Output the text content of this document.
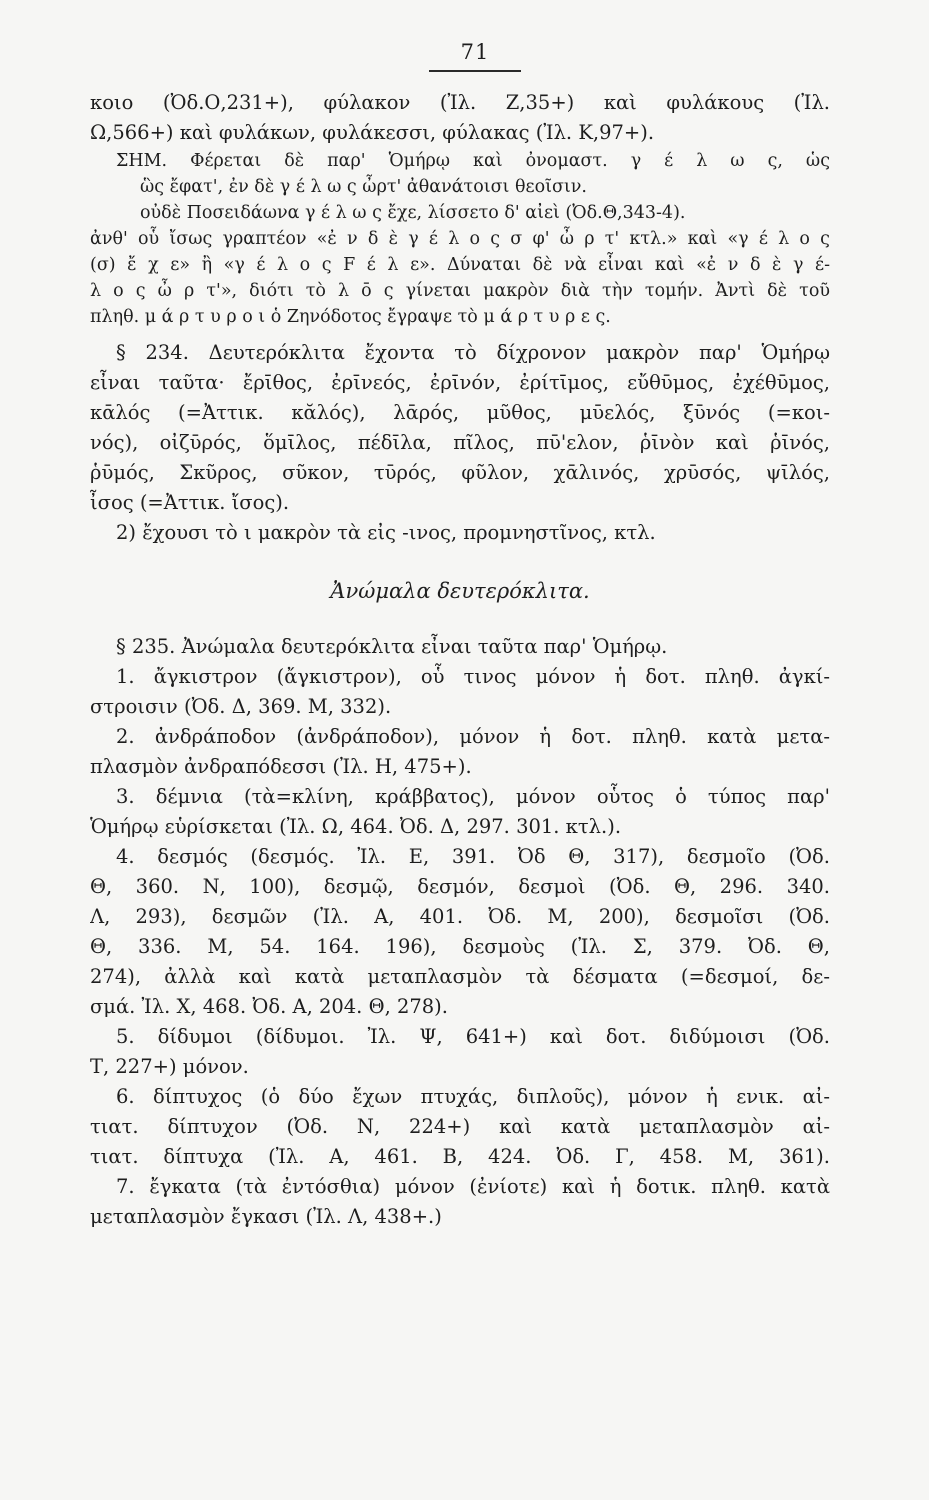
71
κοιο (Ὀδ.Ο,231+), φύλακον (Ἰλ. Ζ,35+) καὶ φυλάκους (Ἰλ.
Ω,566+) καὶ φυλάκων, φυλάκεσσι, φύλακας (Ἰλ. Κ,97+).
ΣΗΜ. Φέρεται δὲ παρ' Ὁμήρῳ καὶ ὀνομαστ. γ έ λ ω ς, ὡς
ὣς ἔφατ', ἐν δὲ γ έ λ ω ς ὦρτ' ἀθανάτοισι θεοῖσιν.
οὐδὲ Ποσειδάωνα γ έ λ ω ς ἔχε, λίσσετο δ' αἰεὶ (Ὀδ.Θ,343-4).
ἀνθ' οὗ ἴσως γραπτέον «ἐ ν δ ὲ γ έ λ ο ς σ φ' ὦ ρ τ' κτλ.» καὶ «γ έ λ ο ς
(σ) ἔ χ ε» ἢ «γ έ λ ο ς F έ λ ε». Δύναται δὲ νὰ εἶναι καὶ «ἐ ν δ ὲ γ έ-
λ ο ς ὦ ρ τ'», διότι τὸ λ ō ς γίνεται μακρὸν διὰ τὴν τομήν. Ἀντὶ δὲ τοῦ
πληθ. μ ά ρ τ υ ρ ο ι ὁ Ζηνόδοτος ἔγραψε τὸ μ ά ρ τ υ ρ ε ς.
§ 234. Δευτερόκλιτα ἔχοντα τὸ δίχρονον μακρὸν παρ' Ὁμήρῳ
εἶναι ταῦτα· ἔρῑθος, ἐρῑνεός, ἐρῑνόν, ἐρίτῑμος, εὔθῡμος, ἐχέθῡμος,
κᾱλός (=Ἀττικ. κᾰλός), λᾱρός, μῦθος, μῡελός, ξῡνός (=κοι-
νός), οἰζῡρός, ὅμῑλος, πέδῑλα, πῖλος, πῡ'ελον, ῥῑνὸν καὶ ῥῑνός,
ῥῡμός, Σκῦρος, σῦκον, τῡρός, φῦλον, χᾱλινός, χρῡσός, ψῑλός,
ἶσος (=Ἀττικ. ἴσος).
2) ἔχουσι τὸ ι μακρὸν τὰ εἰς -ινος, προμνηστῖνος, κτλ.
Ἀνώμαλα δευτερόκλιτα.
§ 235. Ἀνώμαλα δευτερόκλιτα εἶναι ταῦτα παρ' Ὁμήρῳ.
1. ἄγκιστρον (ἄγκιστρον), οὗ τινος μόνον ἡ δοτ. πληθ. ἀγκί-
στροισιν (Ὀδ. Δ, 369. Μ, 332).
2. ἀνδράποδον (ἀνδράποδον), μόνον ἡ δοτ. πληθ. κατὰ μετα-
πλασμὸν ἀνδραπόδεσσι (Ἰλ. Η, 475+).
3. δέμνια (τὰ=κλίνη, κράββατος), μόνον οὗτος ὁ τύπος παρ'
Ὁμήρῳ εὑρίσκεται (Ἰλ. Ω, 464. Ὀδ. Δ, 297. 301. κτλ.).
4. δεσμός (δεσμός. Ἰλ. Ε, 391. Ὀδ Θ, 317), δεσμοῖο (Ὀδ.
Θ, 360. Ν, 100), δεσμῷ, δεσμόν, δεσμοὶ (Ὀδ. Θ, 296. 340.
Λ, 293), δεσμῶν (Ἰλ. Α, 401. Ὀδ. Μ, 200), δεσμοῖσι (Ὀδ.
Θ, 336. Μ, 54. 164. 196), δεσμοὺς (Ἰλ. Σ, 379. Ὀδ. Θ,
274), ἀλλὰ καὶ κατὰ μεταπλασμὸν τὰ δέσματα (=δεσμοί, δε-
σμά. Ἰλ. Χ, 468. Ὀδ. Α, 204. Θ, 278).
5. δίδυμοι (δίδυμοι. Ἰλ. Ψ, 641+) καὶ δοτ. διδύμοισι (Ὀδ.
Τ, 227+) μόνον.
6. δίπτυχος (ὁ δύο ἔχων πτυχάς, διπλοῦς), μόνον ἡ ενικ. αἰ-
τιατ. δίπτυχον (Ὀδ. Ν, 224+) καὶ κατὰ μεταπλασμὸν αἰ-
τιατ. δίπτυχα (Ἰλ. Α, 461. Β, 424. Ὀδ. Γ, 458. Μ, 361).
7. ἔγκατα (τὰ ἐντόσθια) μόνον (ἐνίοτε) καὶ ἡ δοτικ. πληθ. κατὰ
μεταπλασμὸν ἔγκασι (Ἰλ. Λ, 438+.)
